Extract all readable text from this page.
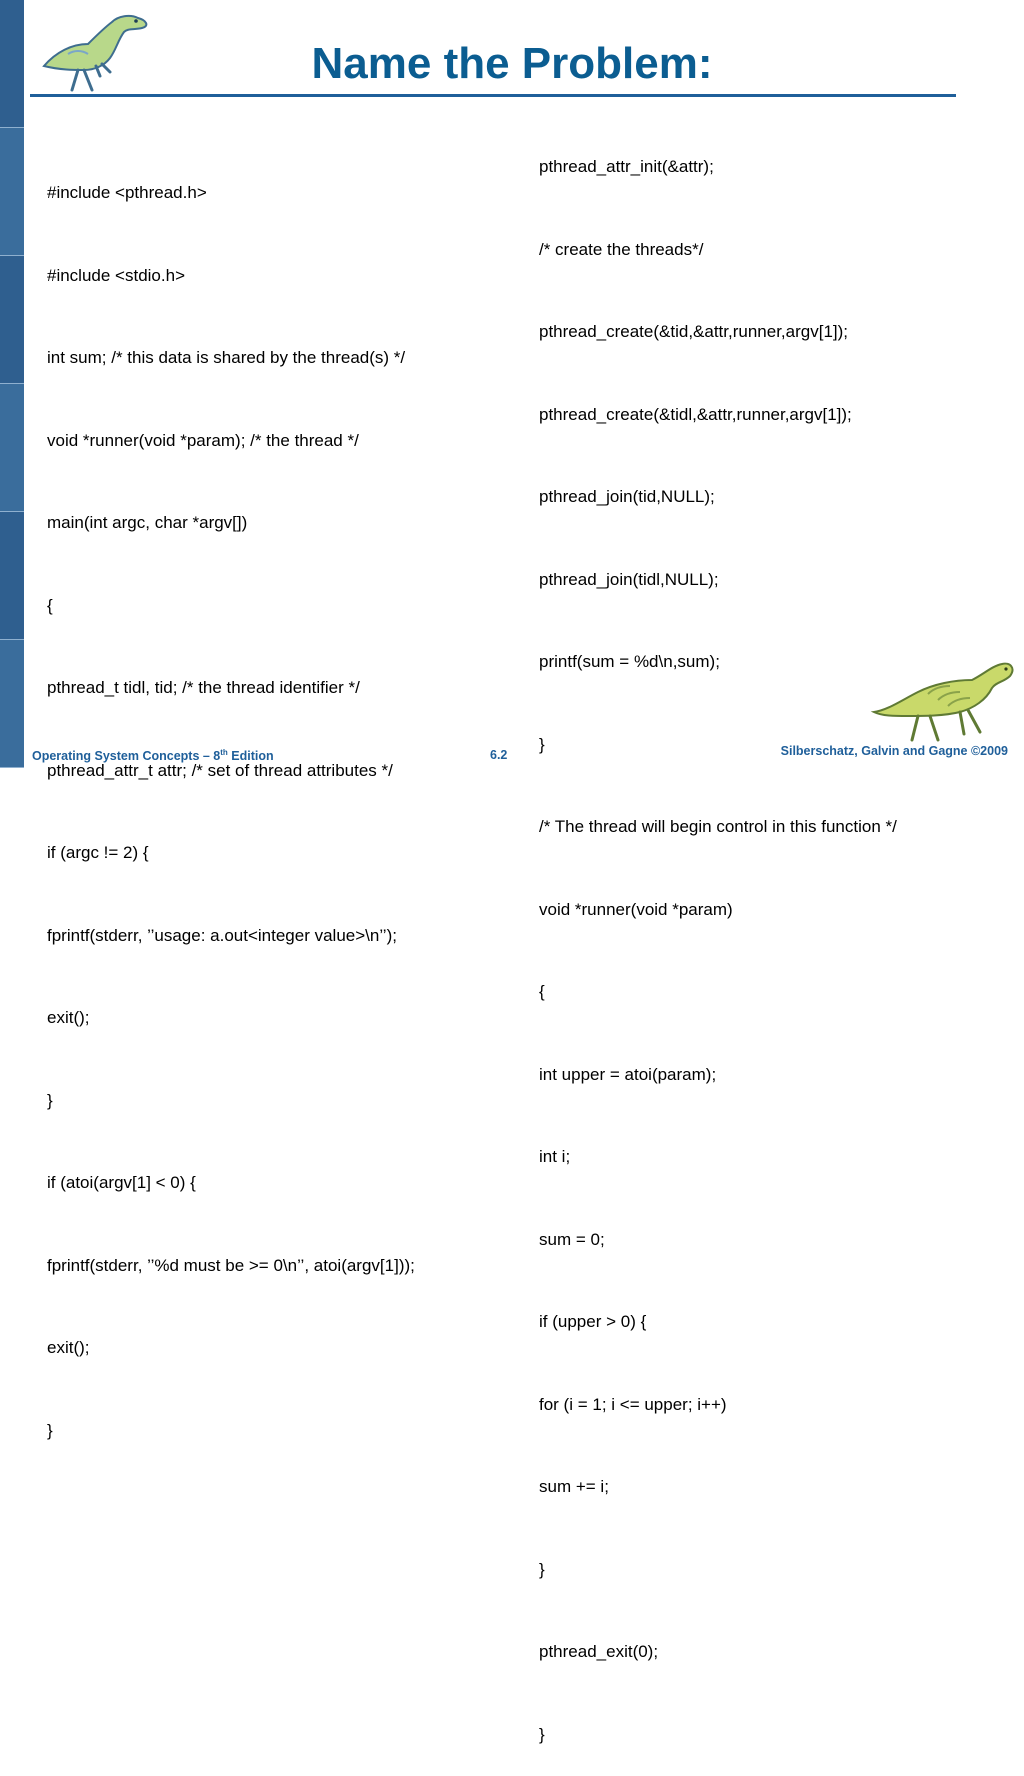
Name the Problem:

#include <pthread.h>

#include <stdio.h>

int sum; /* this data is shared by the thread(s) */

void *runner(void *param); /* the thread */

main(int argc, char *argv[])

{

pthread_t tidl, tid; /* the thread identifier */

pthread_attr_t attr; /* set of thread attributes */

if (argc != 2) {

fprintf(stderr, ’’usage: a.out<integer value>\n’’);

exit();

}

if (atoi(argv[1] < 0) {

fprintf(stderr, ’’%d must be >= 0\n’’, atoi(argv[1]));

exit();

}

pthread_attr_init(&attr);

/* create the threads*/

pthread_create(&tid,&attr,runner,argv[1]);

pthread_create(&tidl,&attr,runner,argv[1]);

pthread_join(tid,NULL);

pthread_join(tidl,NULL);

printf(sum = %d\n,sum);

}

/* The thread will begin control in this function */

void *runner(void *param)

{

int upper = atoi(param);

int i;

sum = 0;

if (upper > 0) {

for (i = 1; i <= upper; i++)

sum += i;

}

pthread_exit(0);

}

Operating System Concepts – 8th Edition	6.2	Silberschatz, Galvin and Gagne ©2009
